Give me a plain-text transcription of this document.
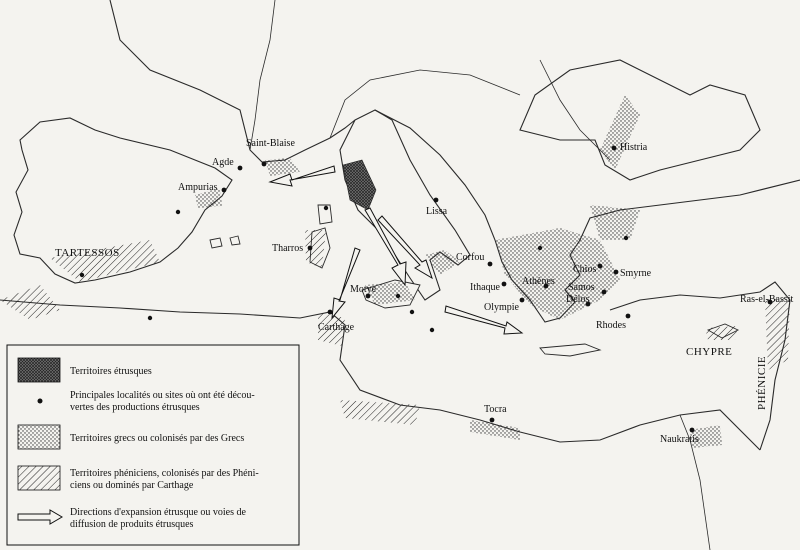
TARTESSOS
CHYPRE
PHÉNICIE
Saint-Blaise
Agde
Ampurias
Tharros
Carthage
Motye
Lissa
Corfou
Ithaque
Olympie
Athènes
Délos
Chios
Samos
Smyrne
Rhodes
Histria
Ras-el-Bassit
Tocra
Naukratis
Territoires étrusques
Principales localités ou sites où ont été décou-
vertes des productions étrusques
Territoires grecs ou colonisés par des Grecs
Territoires phéniciens, colonisés par des Phéni-
ciens ou dominés par Carthage
Directions d'expansion étrusque ou voies de
diffusion de produits étrusques
